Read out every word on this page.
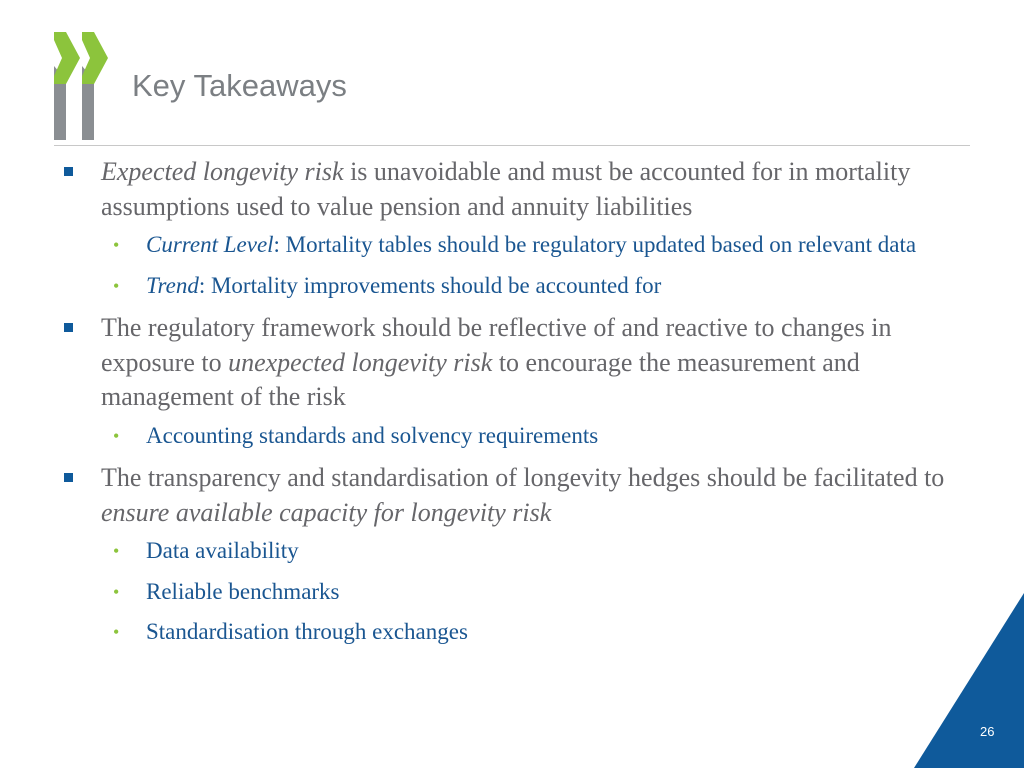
Key Takeaways
Expected longevity risk is unavoidable and must be accounted for in mortality assumptions used to value pension and annuity liabilities
• Current Level: Mortality tables should be regulatory updated based on relevant data
• Trend: Mortality improvements should be accounted for
The regulatory framework should be reflective of and reactive to changes in exposure to unexpected longevity risk to encourage the measurement and management of the risk
• Accounting standards and solvency requirements
The transparency and standardisation of longevity hedges should be facilitated to ensure available capacity for longevity risk
• Data availability
• Reliable benchmarks
• Standardisation through exchanges
26
